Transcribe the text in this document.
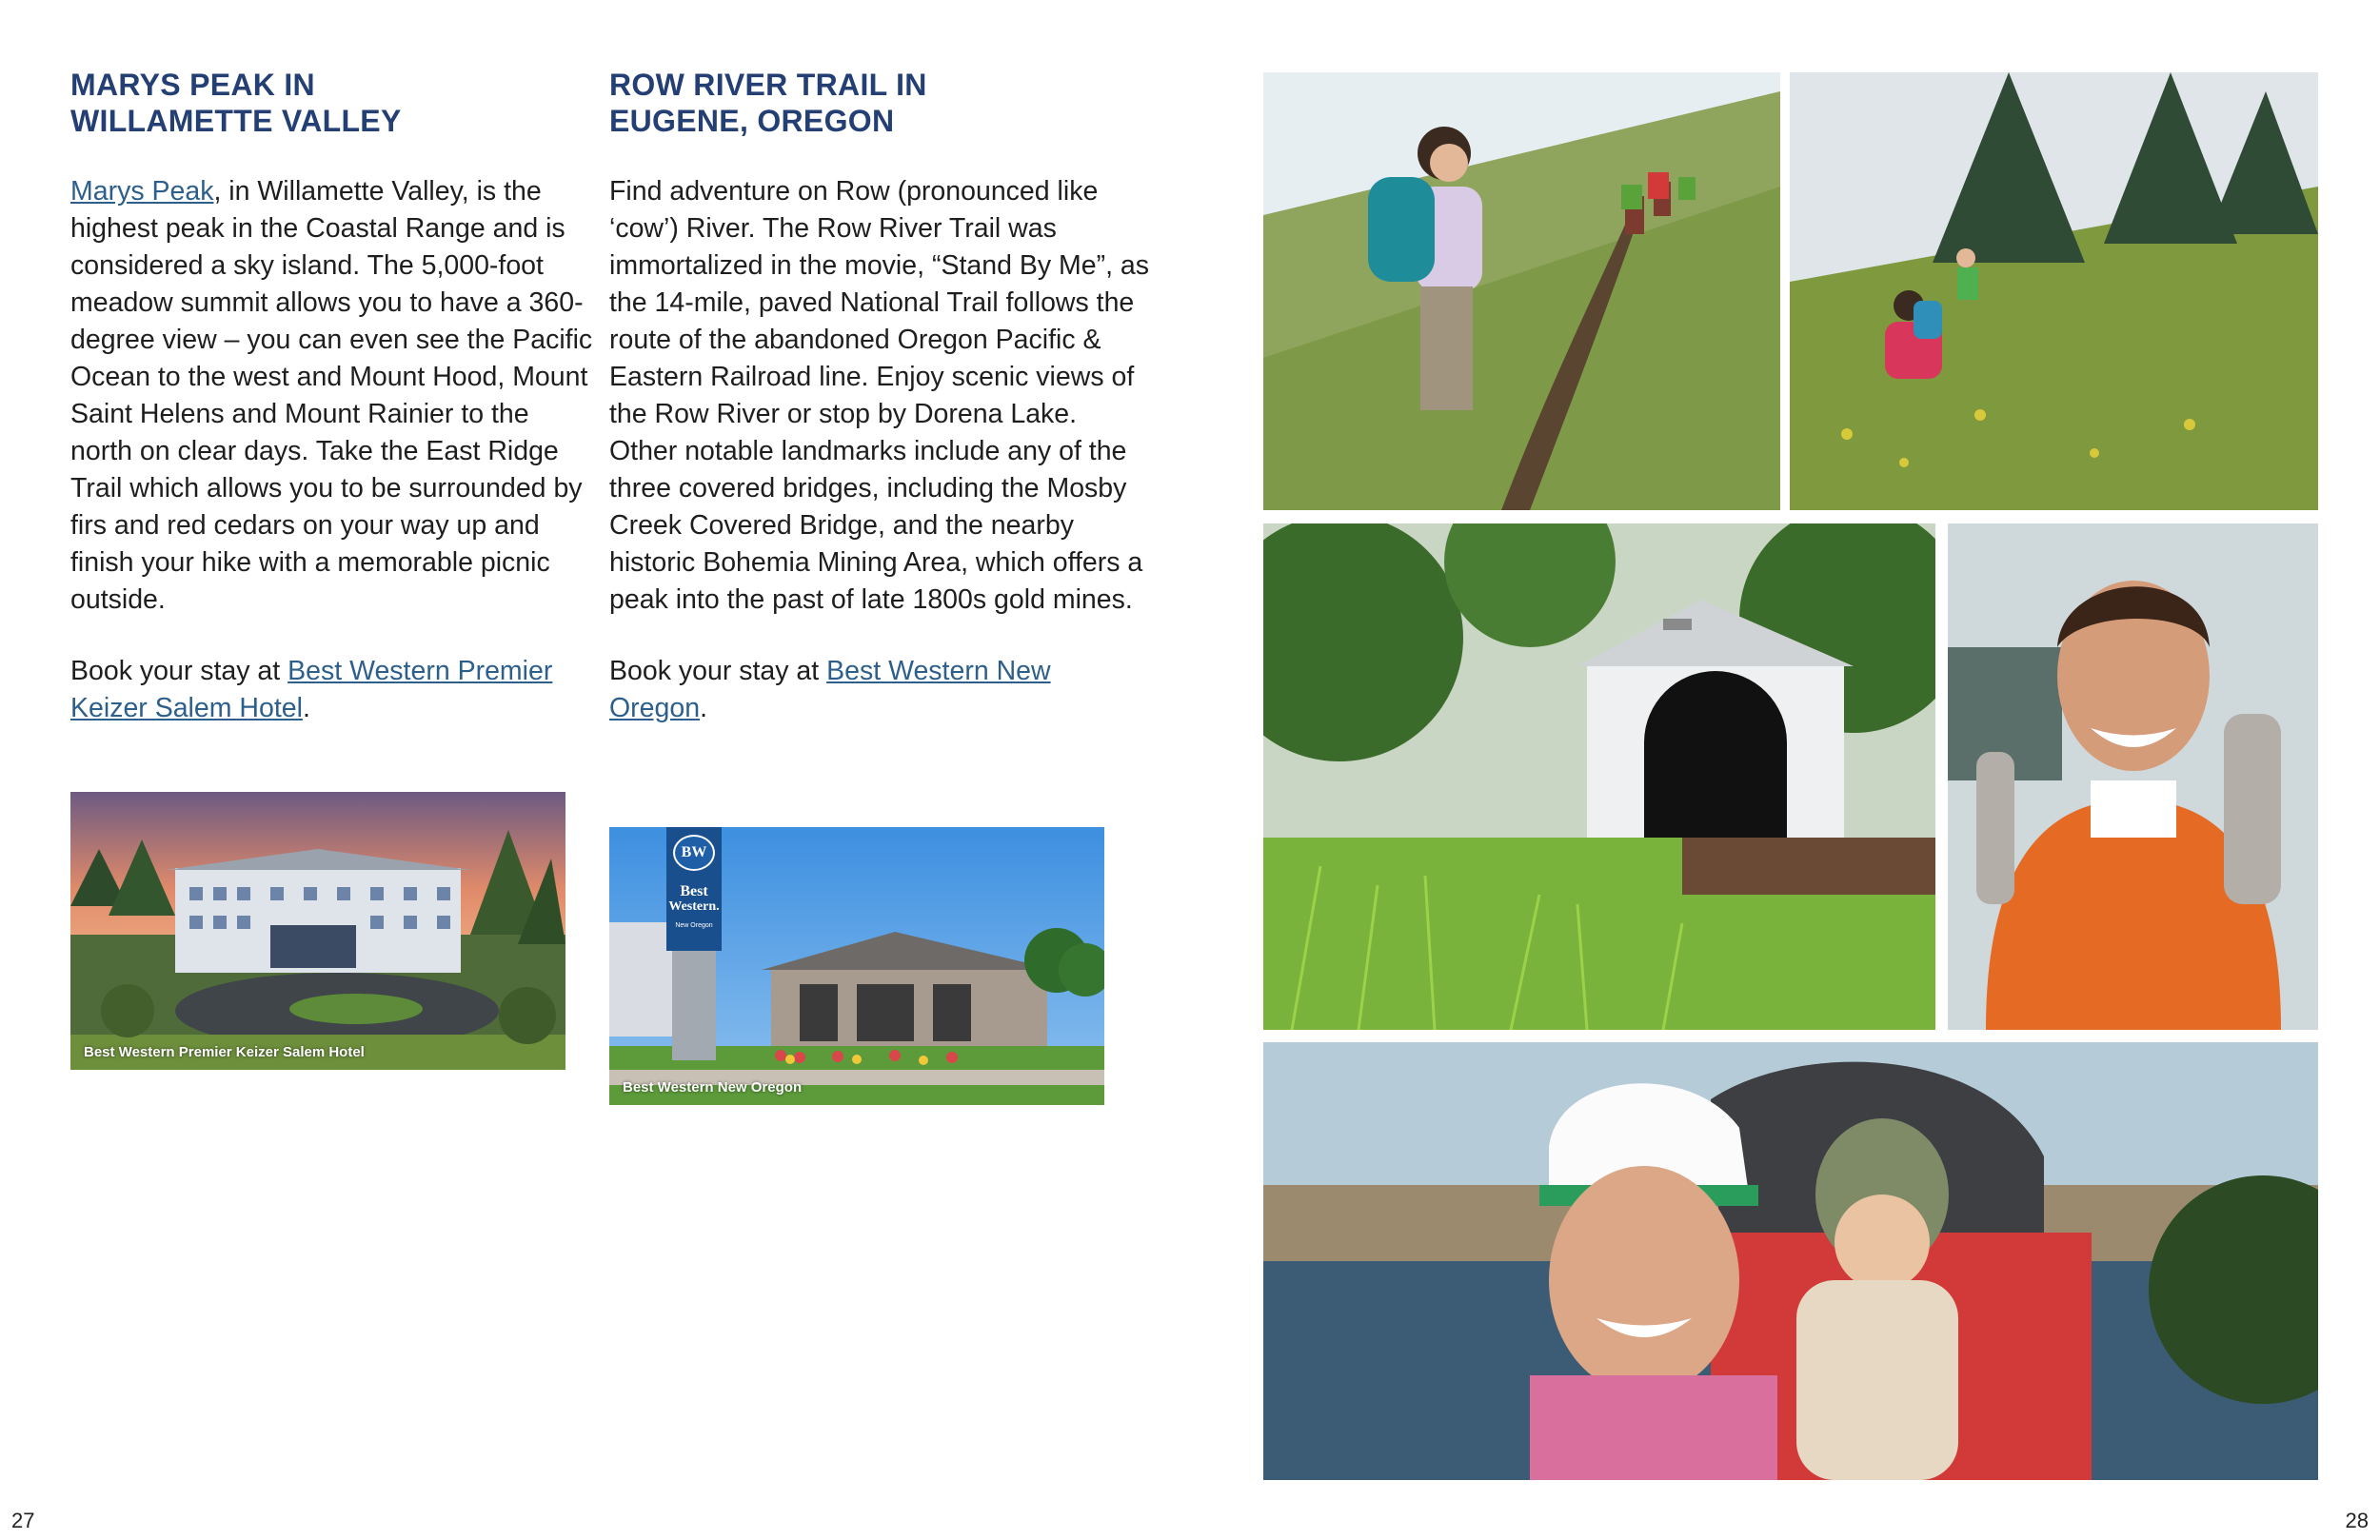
MARYS PEAK IN
WILLAMETTE VALLEY

Marys Peak, in Willamette Valley, is the highest peak in the Coastal Range and is considered a sky island. The 5,000-foot meadow summit allows you to have a 360-degree view – you can even see the Pacific Ocean to the west and Mount Hood, Mount Saint Helens and Mount Rainier to the north on clear days. Take the East Ridge Trail which allows you to be surrounded by firs and red cedars on your way up and finish your hike with a memorable picnic outside.

Book your stay at Best Western Premier Keizer Salem Hotel.

ROW RIVER TRAIL IN
EUGENE, OREGON

Find adventure on Row (pronounced like ‘cow’) River. The Row River Trail was immortalized in the movie, “Stand By Me”, as the 14-mile, paved National Trail follows the route of the abandoned Oregon Pacific & Eastern Railroad line. Enjoy scenic views of the Row River or stop by Dorena Lake. Other notable landmarks include any of the three covered bridges, including the Mosby Creek Covered Bridge, and the nearby historic Bohemia Mining Area, which offers a peak into the past of late 1800s gold mines.

Book your stay at Best Western New Oregon.

Best Western Premier Keizer Salem Hotel
BW
Best
Western.
New Oregon
Best Western New Oregon
27	28
